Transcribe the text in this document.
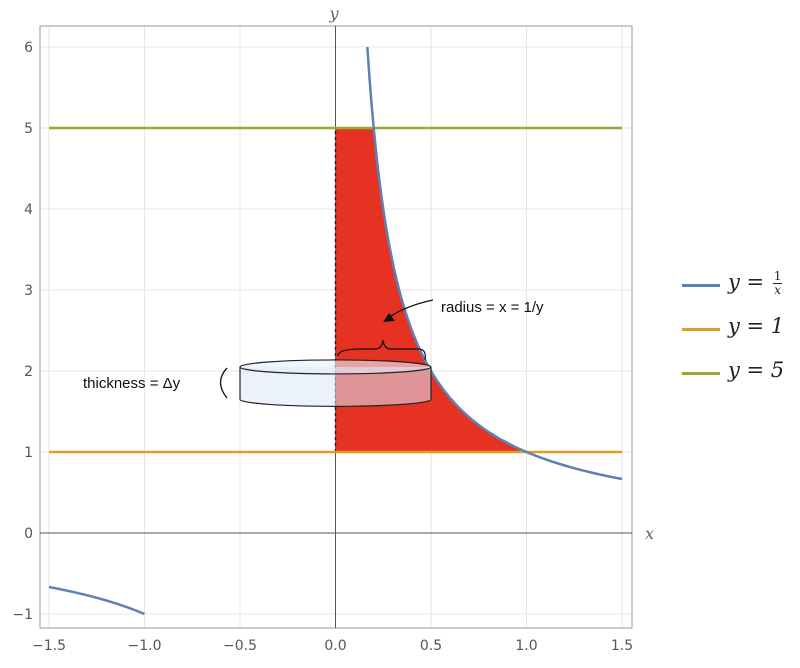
−1.5	−1.0	−0.5	0.0	0.5	1.0	1.5
−1
0
1
2
3
4
5
6
x
y
radius = x = 1/y
thickness = Δy
$y = \frac{1}{x}$
y = 1
y = 5
